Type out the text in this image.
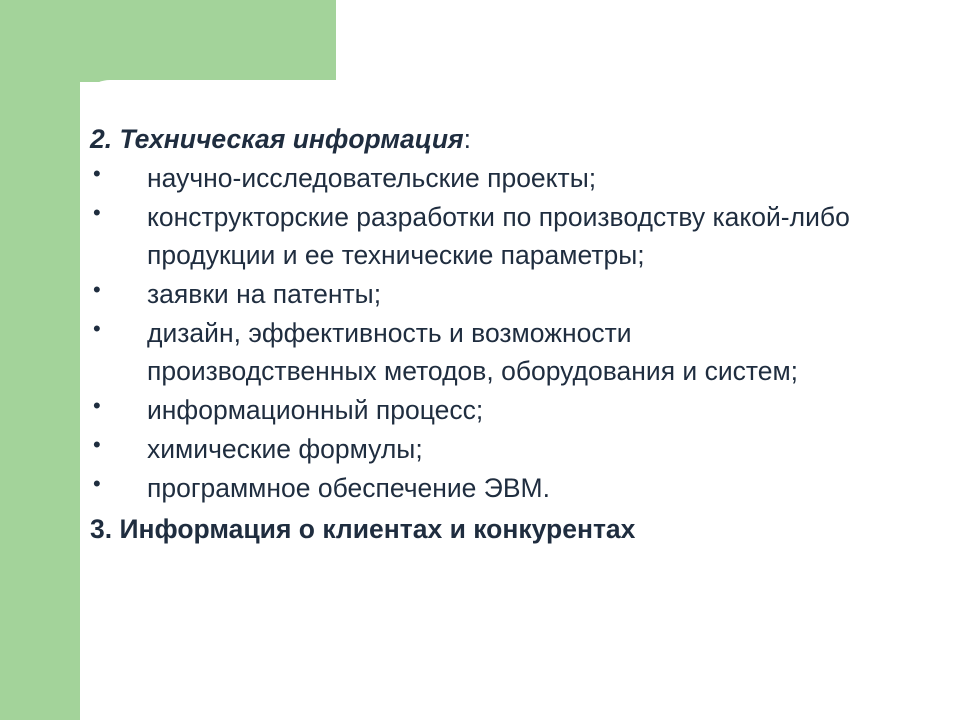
2. Техническая информация:

• научно-исследовательские проекты;
• конструкторские разработки по производству какой-либо продукции и ее технические параметры;
• заявки на патенты;
• дизайн, эффективность и возможности производственных методов, оборудования и систем;
• информационный процесс;
• химические формулы;
• программное обеспечение ЭВМ.

3. Информация о клиентах и конкурентах
